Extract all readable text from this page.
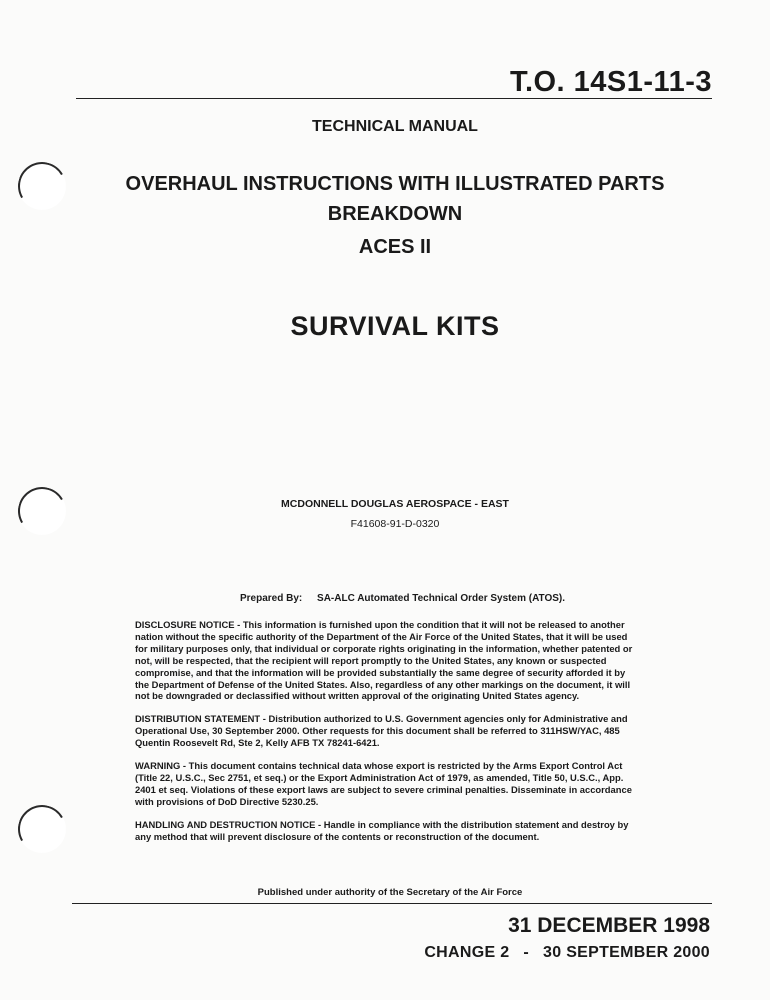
T.O. 14S1-11-3
TECHNICAL MANUAL
OVERHAUL INSTRUCTIONS WITH ILLUSTRATED PARTS
BREAKDOWN
ACES II
SURVIVAL KITS
MCDONNELL DOUGLAS AEROSPACE - EAST
F41608-91-D-0320
Prepared By: SA-ALC Automated Technical Order System (ATOS).

DISCLOSURE NOTICE - This information is furnished upon the condition that it will not be released to another nation without the specific authority of the Department of the Air Force of the United States, that it will be used for military purposes only, that individual or corporate rights originating in the information, whether patented or not, will be respected, that the recipient will report promptly to the United States, any known or suspected compromise, and that the information will be provided substantially the same degree of security afforded it by the Department of Defense of the United States. Also, regardless of any other markings on the document, it will not be downgraded or declassified without written approval of the originating United States agency.

DISTRIBUTION STATEMENT - Distribution authorized to U.S. Government agencies only for Administrative and Operational Use, 30 September 2000. Other requests for this document shall be referred to 311HSW/YAC, 485 Quentin Roosevelt Rd, Ste 2, Kelly AFB TX 78241-6421.

WARNING - This document contains technical data whose export is restricted by the Arms Export Control Act (Title 22, U.S.C., Sec 2751, et seq.) or the Export Administration Act of 1979, as amended, Title 50, U.S.C., App. 2401 et seq. Violations of these export laws are subject to severe criminal penalties. Disseminate in accordance with provisions of DoD Directive 5230.25.

HANDLING AND DESTRUCTION NOTICE - Handle in compliance with the distribution statement and destroy by any method that will prevent disclosure of the contents or reconstruction of the document.

Published under authority of the Secretary of the Air Force
31 DECEMBER 1998
CHANGE 2 - 30 SEPTEMBER 2000
